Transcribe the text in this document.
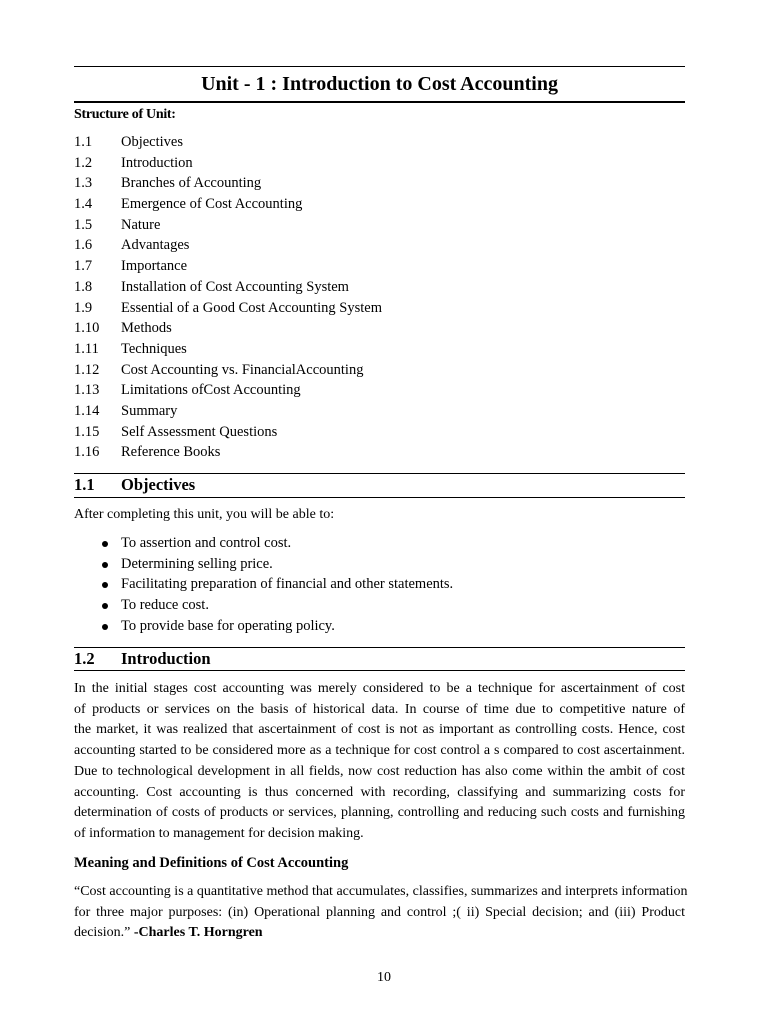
Unit - 1 : Introduction to Cost Accounting
Structure of Unit:
1.1 Objectives
1.2 Introduction
1.3 Branches of Accounting
1.4 Emergence of Cost Accounting
1.5 Nature
1.6 Advantages
1.7 Importance
1.8 Installation of Cost Accounting System
1.9 Essential of a Good Cost Accounting System
1.10 Methods
1.11 Techniques
1.12 Cost Accounting vs. FinancialAccounting
1.13 Limitations ofCost Accounting
1.14 Summary
1.15 Self Assessment Questions
1.16 Reference Books
1.1 Objectives
After completing this unit, you will be able to:
To assertion and control cost.
Determining selling price.
Facilitating preparation of financial and other statements.
To reduce cost.
To provide base for operating policy.
1.2 Introduction
In the initial stages cost accounting was merely considered to be a technique for ascertainment of cost
of products or services on the basis of historical data. In course of time due to competitive nature of
the market, it was realized that ascertainment of cost is not as important as controlling costs. Hence, cost
accounting started to be considered more as a technique for cost control a s compared to cost ascertainment.
Due to technological development in all fields, now cost reduction has also come within the ambit of cost
accounting. Cost accounting is thus concerned with recording, classifying and summarizing costs for
determination of costs of products or services, planning, controlling and reducing such costs and furnishing
of information to management for decision making.
Meaning and Definitions of Cost Accounting
“Cost accounting is a quantitative method that accumulates, classifies, summarizes and interprets information
for three major purposes: (in) Operational planning and control ;( ii) Special decision; and (iii) Product
decision.” -Charles T. Horngren
10
